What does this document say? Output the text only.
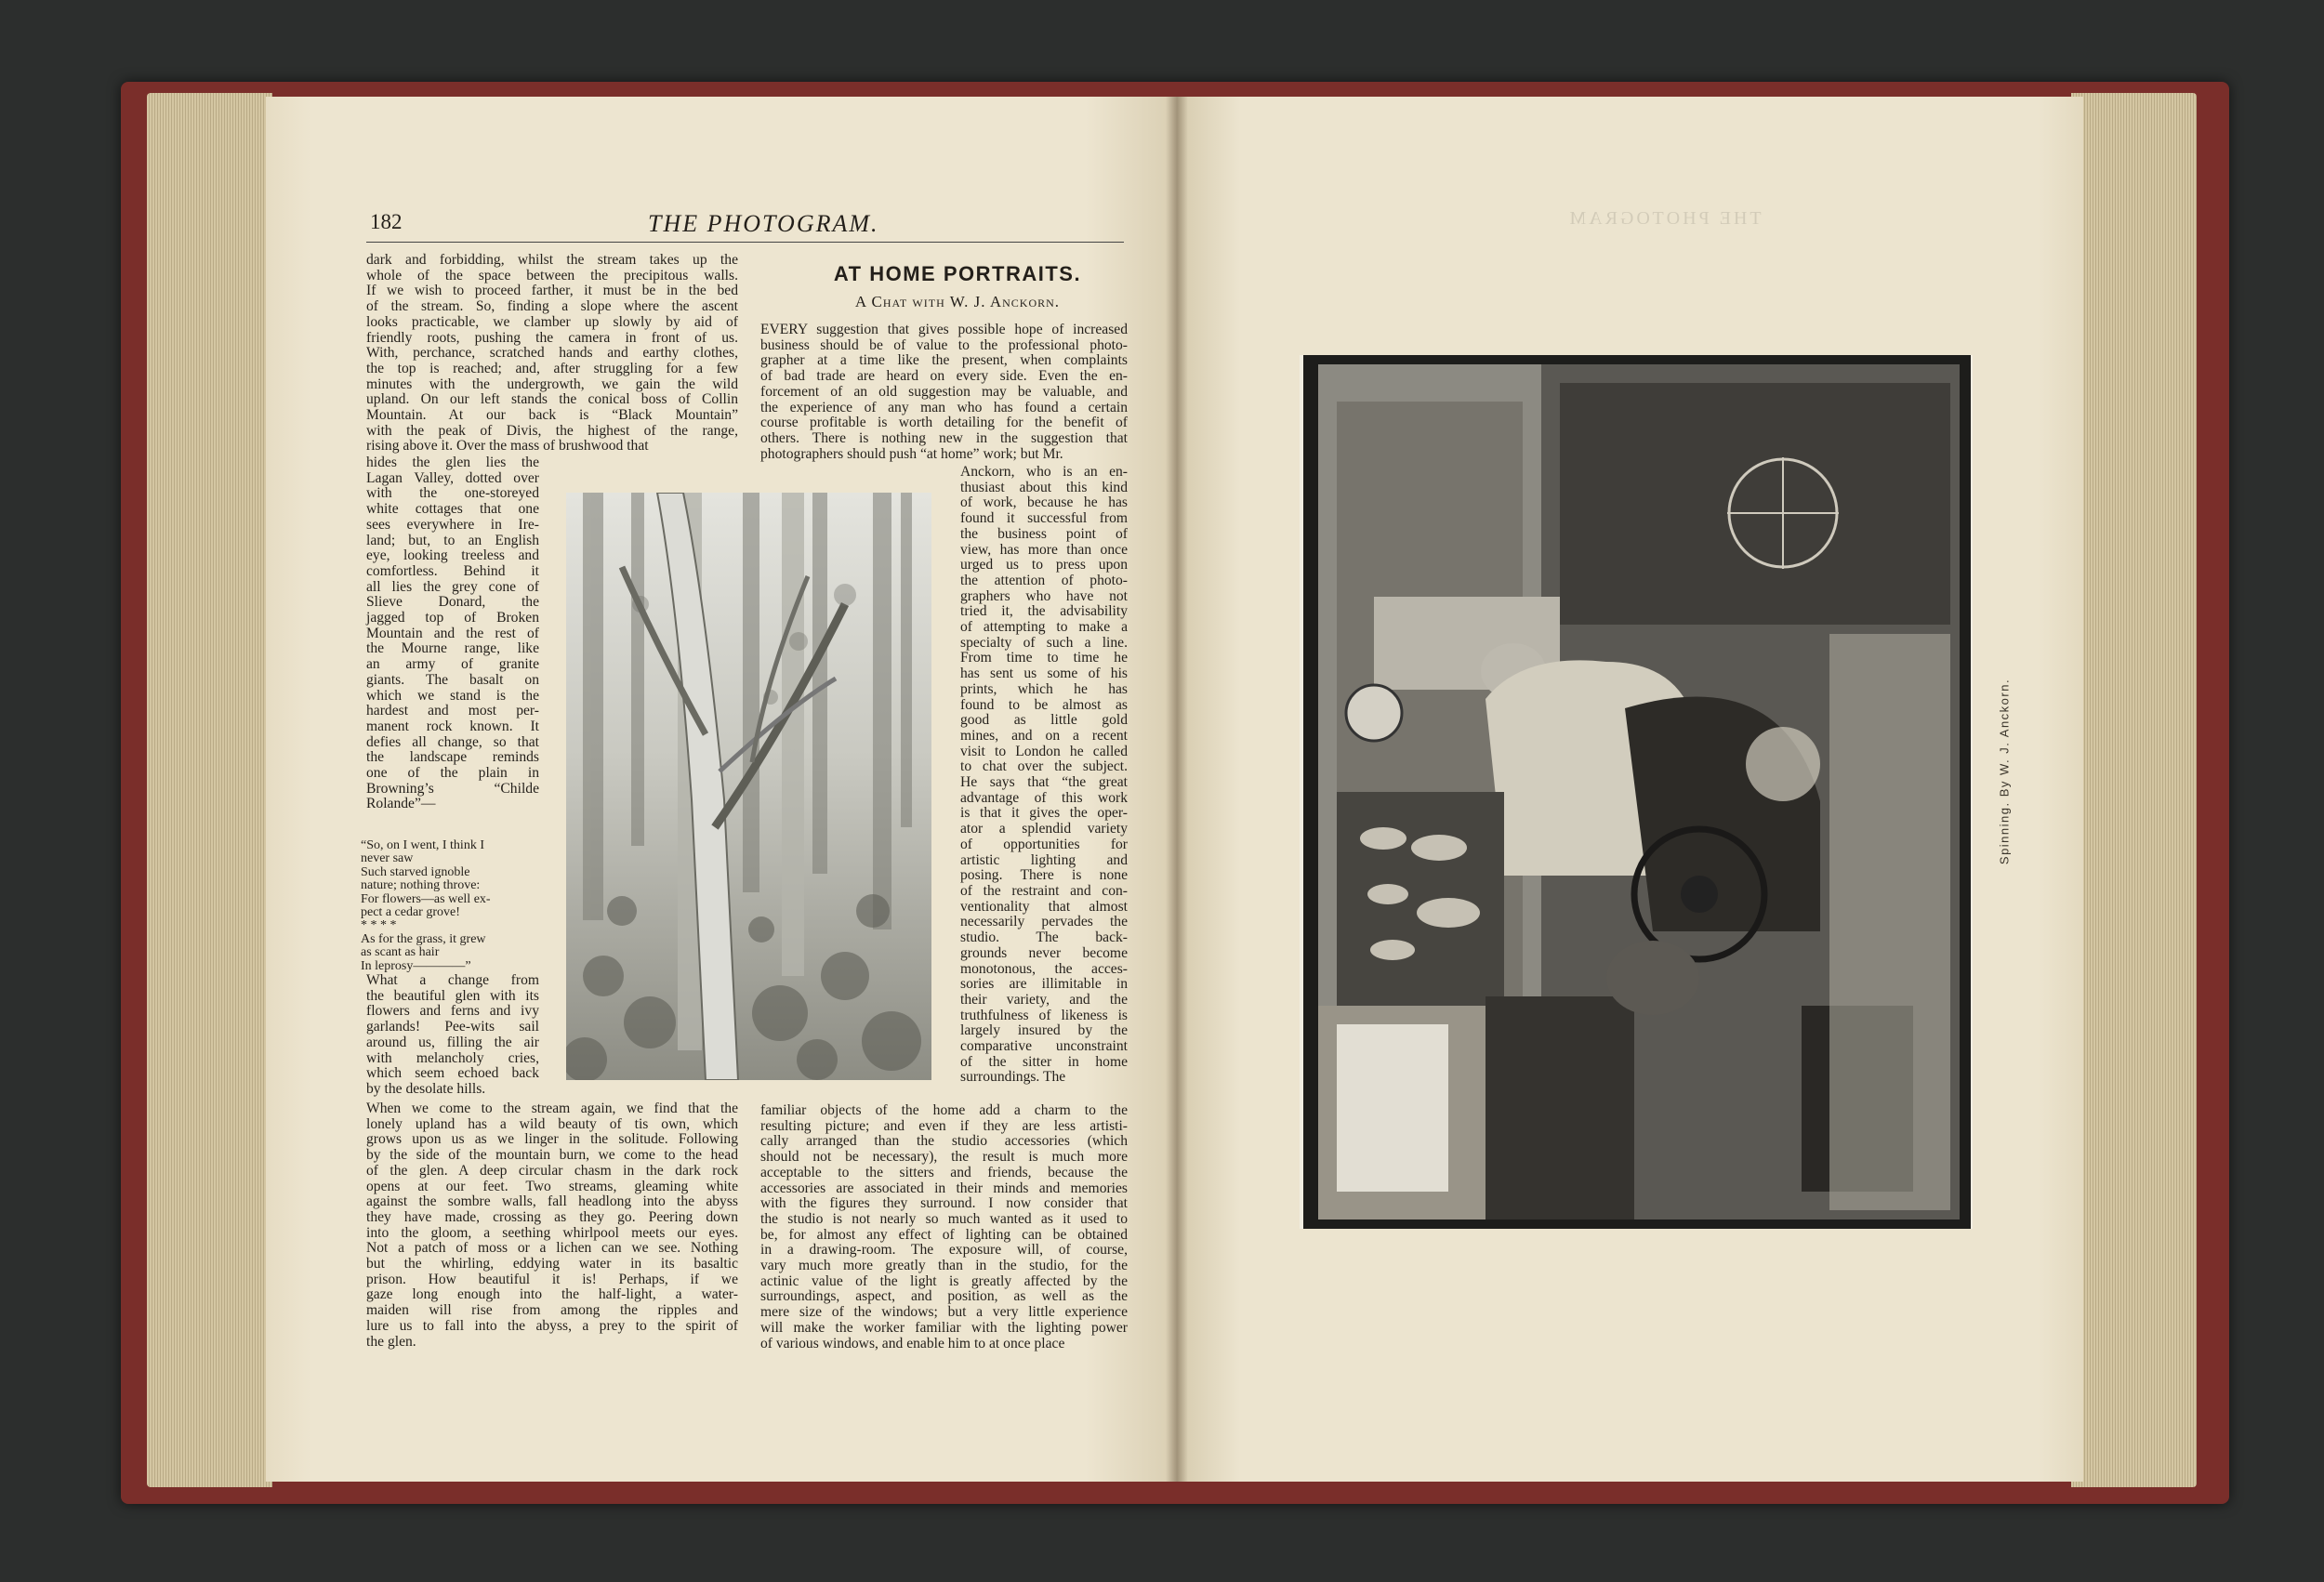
182	THE PHOTOGRAM.
dark and forbidding, whilst the stream takes up the
whole of the space between the precipitous walls.
If we wish to proceed farther, it must be in the bed
of the stream. So, finding a slope where the ascent
looks practicable, we clamber up slowly by aid of
friendly roots, pushing the camera in front of us.
With, perchance, scratched hands and earthy clothes,
the top is reached; and, after struggling for a few
minutes with the undergrowth, we gain the wild
upland. On our left stands the conical boss of Collin
Mountain. At our back is “Black Mountain”
with the peak of Divis, the highest of the range,
rising above it. Over the mass of brushwood that
hides the glen lies the
Lagan Valley, dotted over
with the one-storeyed
white cottages that one
sees everywhere in Ire-
land; but, to an English
eye, looking treeless and
comfortless. Behind it
all lies the grey cone of
Slieve Donard, the
jagged top of Broken
Mountain and the rest of
the Mourne range, like
an army of granite
giants. The basalt on
which we stand is the
hardest and most per-
manent rock known. It
defies all change, so that
the landscape reminds
one of the plain in
Browning’s “Childe
Rolande”—
“So, on I went, I think I
never saw
Such starved ignoble
nature; nothing throve:
For flowers—as well ex-
pect a cedar grove!
* * * *
As for the grass, it grew
as scant as hair
In leprosy————”
What a change from
the beautiful glen with its
flowers and ferns and ivy
garlands! Pee-wits sail
around us, filling the air
with melancholy cries,
which seem echoed back
by the desolate hills.
When we come to the stream again, we find that the
lonely upland has a wild beauty of tis own, which
grows upon us as we linger in the solitude. Following
by the side of the mountain burn, we come to the head
of the glen. A deep circular chasm in the dark rock
opens at our feet. Two streams, gleaming white
against the sombre walls, fall headlong into the abyss
they have made, crossing as they go. Peering down
into the gloom, a seething whirlpool meets our eyes.
Not a patch of moss or a lichen can we see. Nothing
but the whirling, eddying water in its basaltic
prison. How beautiful it is! Perhaps, if we
gaze long enough into the half-light, a water-
maiden will rise from among the ripples and
lure us to fall into the abyss, a prey to the spirit of
the glen.
AT HOME PORTRAITS.
A Chat with W. J. Anckorn.
EVERY suggestion that gives possible hope of increased
business should be of value to the professional photo-
grapher at a time like the present, when complaints
of bad trade are heard on every side. Even the en-
forcement of an old suggestion may be valuable, and
the experience of any man who has found a certain
course profitable is worth detailing for the benefit of
others. There is nothing new in the suggestion that
photographers should push “at home” work; but Mr.
Anckorn, who is an en-
thusiast about this kind
of work, because he has
found it successful from
the business point of
view, has more than once
urged us to press upon
the attention of photo-
graphers who have not
tried it, the advisability
of attempting to make a
specialty of such a line.
From time to time he
has sent us some of his
prints, which he has
found to be almost as
good as little gold
mines, and on a recent
visit to London he called
to chat over the subject.
He says that “the great
advantage of this work
is that it gives the oper-
ator a splendid variety
of opportunities for
artistic lighting and
posing. There is none
of the restraint and con-
ventionality that almost
necessarily pervades the
studio. The back-
grounds never become
monotonous, the acces-
sories are illimitable in
their variety, and the
truthfulness of likeness is
largely insured by the
comparative unconstraint
of the sitter in home
surroundings. The
familiar objects of the home add a charm to the
resulting picture; and even if they are less artisti-
cally arranged than the studio accessories (which
should not be necessary), the result is much more
acceptable to the sitters and friends, because the
accessories are associated in their minds and memories
with the figures they surround. I now consider that
the studio is not nearly so much wanted as it used to
be, for almost any effect of lighting can be obtained
in a drawing-room. The exposure will, of course,
vary much more greatly than in the studio, for the
actinic value of the light is greatly affected by the
surroundings, aspect, and position, as well as the
mere size of the windows; but a very little experience
will make the worker familiar with the lighting power
of various windows, and enable him to at once place
THE PHOTOGRAM
Spinning. By W. J. Anckorn.
